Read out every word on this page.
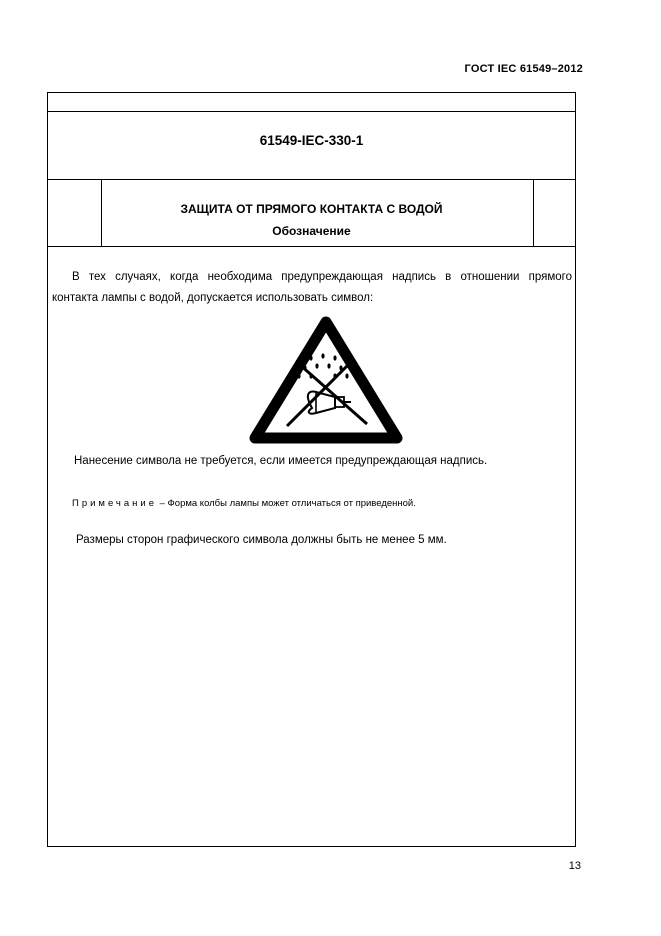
ГОСТ IEC 61549–2012
61549-IEC-330-1
ЗАЩИТА ОТ ПРЯМОГО КОНТАКТА С ВОДОЙ
Обозначение
В тех случаях, когда необходима предупреждающая надпись в отношении прямого
контакта лампы с водой, допускается использовать символ:
Нанесение символа не требуется, если имеется предупреждающая надпись.
Примечание – Форма колбы лампы может отличаться от приведенной.
Размеры сторон графического символа должны быть не менее 5 мм.
13
